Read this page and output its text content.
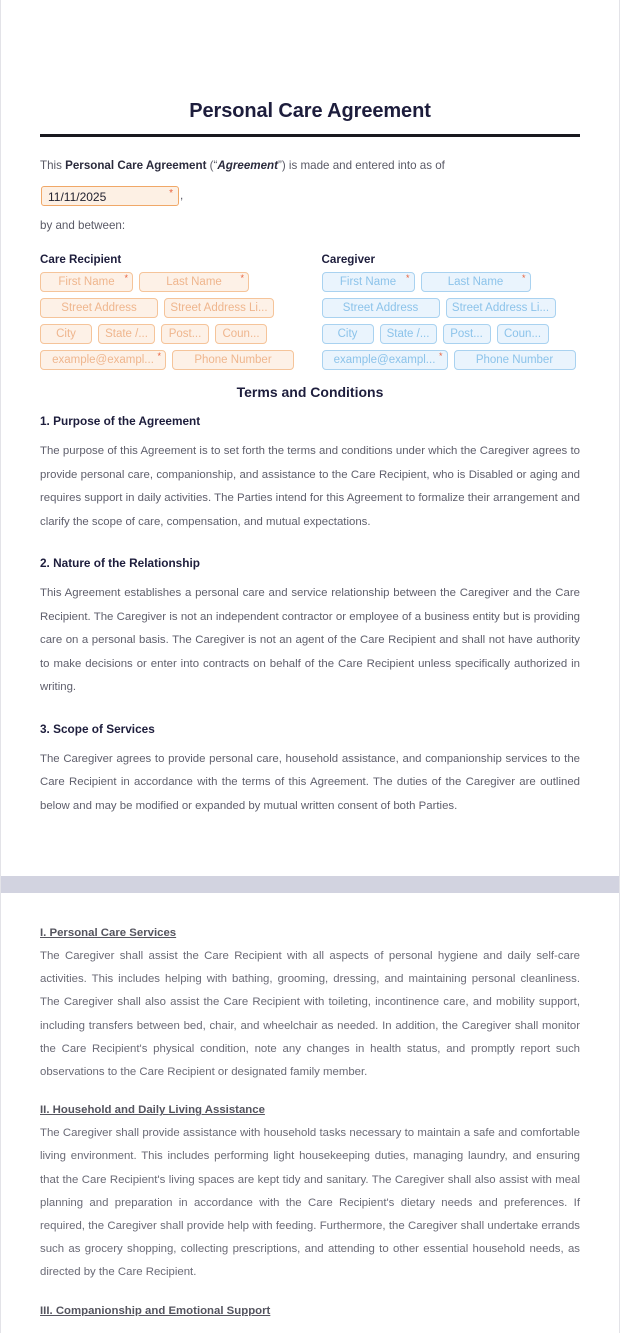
Personal Care Agreement

This Personal Care Agreement (“Agreement”) is made and entered into as of 11/11/2025	* ,
by and between:

Care Recipient
First Name *	Last Name *
Street Address	Street Address Li...
City	State /...	Post...	Coun...
example@exampl... *	Phone Number
Caregiver
First Name *	Last Name *
Street Address	Street Address Li...
City	State /...	Post...	Coun...
example@exampl... *	Phone Number
Terms and Conditions
1. Purpose of the Agreement

The purpose of this Agreement is to set forth the terms and conditions under which the Caregiver agrees to provide personal care, companionship, and assistance to the Care Recipient, who is Disabled or aging and requires support in daily activities. The Parties intend for this Agreement to formalize their arrangement and clarify the scope of care, compensation, and mutual expectations.

2. Nature of the Relationship

This Agreement establishes a personal care and service relationship between the Caregiver and the Care Recipient. The Caregiver is not an independent contractor or employee of a business entity but is providing care on a personal basis. The Caregiver is not an agent of the Care Recipient and shall not have authority to make decisions or enter into contracts on behalf of the Care Recipient unless specifically authorized in writing.

3. Scope of Services

The Caregiver agrees to provide personal care, household assistance, and companionship services to the Care Recipient in accordance with the terms of this Agreement. The duties of the Caregiver are outlined below and may be modified or expanded by mutual written consent of both Parties.

I. Personal Care Services

The Caregiver shall assist the Care Recipient with all aspects of personal hygiene and daily self-care activities. This includes helping with bathing, grooming, dressing, and maintaining personal cleanliness. The Caregiver shall also assist the Care Recipient with toileting, incontinence care, and mobility support, including transfers between bed, chair, and wheelchair as needed. In addition, the Caregiver shall monitor the Care Recipient's physical condition, note any changes in health status, and promptly report such observations to the Care Recipient or designated family member.

II. Household and Daily Living Assistance

The Caregiver shall provide assistance with household tasks necessary to maintain a safe and comfortable living environment. This includes performing light housekeeping duties, managing laundry, and ensuring that the Care Recipient's living spaces are kept tidy and sanitary. The Caregiver shall also assist with meal planning and preparation in accordance with the Care Recipient's dietary needs and preferences. If required, the Caregiver shall provide help with feeding. Furthermore, the Caregiver shall undertake errands such as grocery shopping, collecting prescriptions, and attending to other essential household needs, as directed by the Care Recipient.

III. Companionship and Emotional Support
